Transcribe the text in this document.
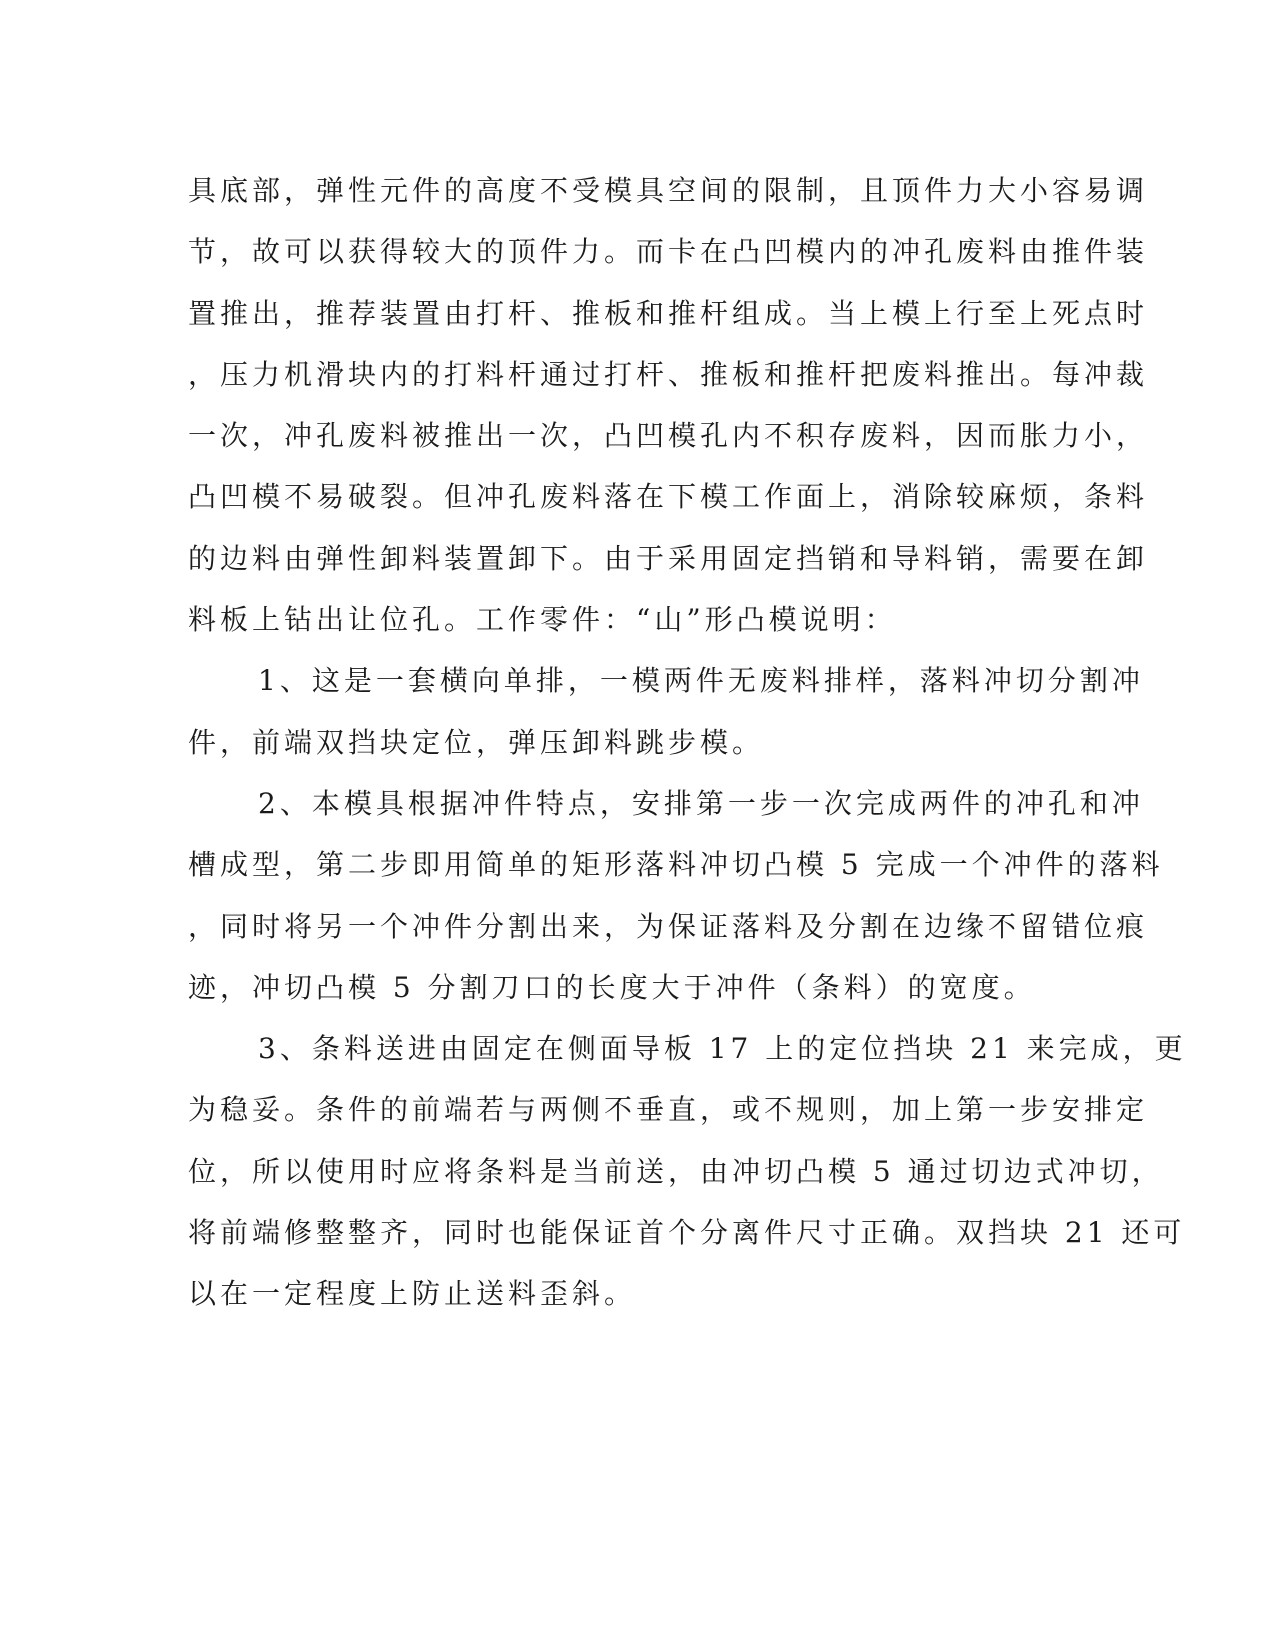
具底部，弹性元件的高度不受模具空间的限制，且顶件力大小容易调
节，故可以获得较大的顶件力。而卡在凸凹模内的冲孔废料由推件装
置推出，推荐装置由打杆、推板和推杆组成。当上模上行至上死点时
，压力机滑块内的打料杆通过打杆、推板和推杆把废料推出。每冲裁
一次，冲孔废料被推出一次，凸凹模孔内不积存废料，因而胀力小，
凸凹模不易破裂。但冲孔废料落在下模工作面上，消除较麻烦，条料
的边料由弹性卸料装置卸下。由于采用固定挡销和导料销，需要在卸
料板上钻出让位孔。工作零件：“山”形凸模说明：
1、这是一套横向单排，一模两件无废料排样，落料冲切分割冲
件，前端双挡块定位，弹压卸料跳步模。
2、本模具根据冲件特点，安排第一步一次完成两件的冲孔和冲
槽成型，第二步即用简单的矩形落料冲切凸模 5 完成一个冲件的落料
，同时将另一个冲件分割出来，为保证落料及分割在边缘不留错位痕
迹，冲切凸模 5 分割刀口的长度大于冲件（条料）的宽度。
3、条料送进由固定在侧面导板 17 上的定位挡块 21 来完成，更
为稳妥。条件的前端若与两侧不垂直，或不规则，加上第一步安排定
位，所以使用时应将条料是当前送，由冲切凸模 5 通过切边式冲切，
将前端修整整齐，同时也能保证首个分离件尺寸正确。双挡块 21 还可
以在一定程度上防止送料歪斜。
